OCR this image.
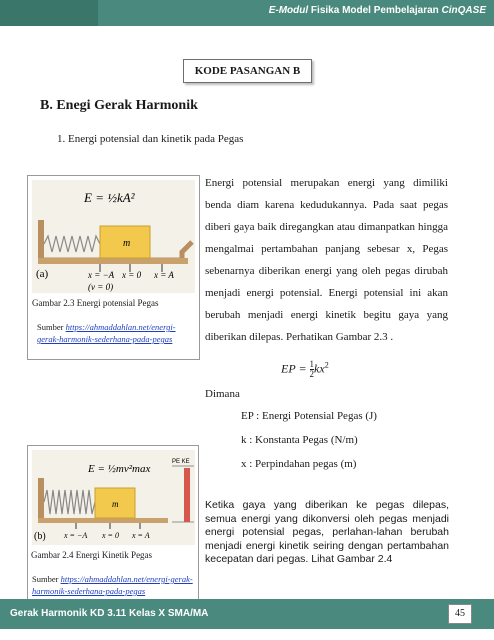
E-Modul Fisika Model Pembelajaran CinQASE
KODE PASANGAN B
B. Enegi Gerak Harmonik
1. Energi potensial dan kinetik pada Pegas
m
E = ½kA²
(a)	x = −A x = 0 x = A
(v = 0)
Gambar 2.3 Energi potensial Pegas
Sumber https://ahmaddahlan.net/energi-gerak-harmonik-sederhana-pada-pegas
Energi potensial merupakan energi yang dimiliki benda diam karena kedudukannya. Pada saat pegas diberi gaya baik diregangkan atau dimanpatkan hingga mengalmai pertambahan panjang sebesar x, Pegas sebenarnya diberikan energi yang oleh pegas dirubah menjadi energi potensial. Energi potensial ini akan berubah menjadi energi kinetik begitu gaya yang diberikan dilepas. Perhatikan Gambar 2.3 .
EP = $\frac{1}{2} kx^2$
Dimana
EP : Energi Potensial Pegas (J)
k : Konstanta Pegas (N/m)
x : Perpindahan pegas (m)
m
E = ½mv²max
(b) x = −A x = 0 x = A
PE KE
Gambar 2.4 Energi Kinetik Pegas
Sumber https://ahmaddahlan.net/energi-gerak-harmonik-sederhana-pada-pegas
Ketika gaya yang diberikan ke pegas dilepas, semua energi yang dikonversi oleh pegas menjadi energi potensial pegas, perlahan-lahan berubah menjadi energi kinetik seiring dengan pertambahan kecepatan dari pegas. Lihat Gambar 2.4
Gerak Harmonik KD 3.11 Kelas X SMA/MA	45
